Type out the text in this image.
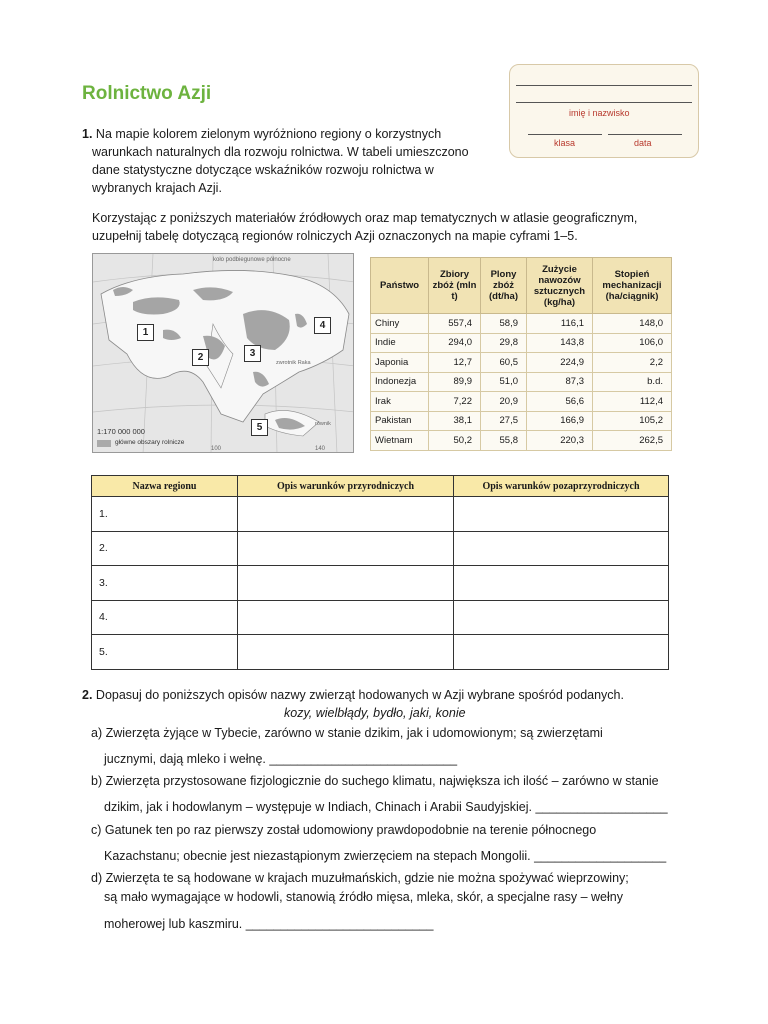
Rolnictwo Azji
imię i nazwisko
klasa	data
1. Na mapie kolorem zielonym wyróżniono regiony o korzystnych
warunkach naturalnych dla rozwoju rolnictwa. W tabeli umieszczono
dane statystyczne dotyczące wskaźników rozwoju rolnictwa w
wybranych krajach Azji.
Korzystając z poniższych materiałów źródłowych oraz map tematycznych w atlasie geograficznym,
uzupełnij tabelę dotyczącą regionów rolniczych Azji oznaczonych na mapie cyframi 1–5.
koło podbiegunowe północne
zwrotnik Raka
równik
1
2	3
4
5
1:170 000 000
główne obszary rolnicze
100	140
Państwo	Zbiory zbóż (mln t)	Plony zbóż (dt/ha)	Zużycie nawozów sztucznych (kg/ha)	Stopień mechanizacji (ha/ciągnik)
Chiny	557,4	58,9	116,1	148,0
Indie	294,0	29,8	143,8	106,0
Japonia	12,7	60,5	224,9	2,2
Indonezja	89,9	51,0	87,3	b.d.
Irak	7,22	20,9	56,6	112,4
Pakistan	38,1	27,5	166,9	105,2
Wietnam	50,2	55,8	220,3	262,5
Nazwa regionu	Opis warunków przyrodniczych	Opis warunków pozaprzyrodniczych
1.		
2.		
3.		
4.		
5.		
2. Dopasuj do poniższych opisów nazwy zwierząt hodowanych w Azji wybrane spośród podanych.
kozy, wielbłądy, bydło, jaki, konie
a) Zwierzęta żyjące w Tybecie, zarówno w stanie dzikim, jak i udomowionym; są zwierzętami
jucznymi, dają mleko i wełnę. ___________________________
b) Zwierzęta przystosowane fizjologicznie do suchego klimatu, największa ich ilość – zarówno w stanie
dzikim, jak i hodowlanym – występuje w Indiach, Chinach i Arabii Saudyjskiej. ___________________
c) Gatunek ten po raz pierwszy został udomowiony prawdopodobnie na terenie północnego
Kazachstanu; obecnie jest niezastąpionym zwierzęciem na stepach Mongolii. ___________________
d) Zwierzęta te są hodowane w krajach muzułmańskich, gdzie nie można spożywać wieprzowiny;
są mało wymagające w hodowli, stanowią źródło mięsa, mleka, skór, a specjalne rasy – wełny
moherowej lub kaszmiru. ___________________________
